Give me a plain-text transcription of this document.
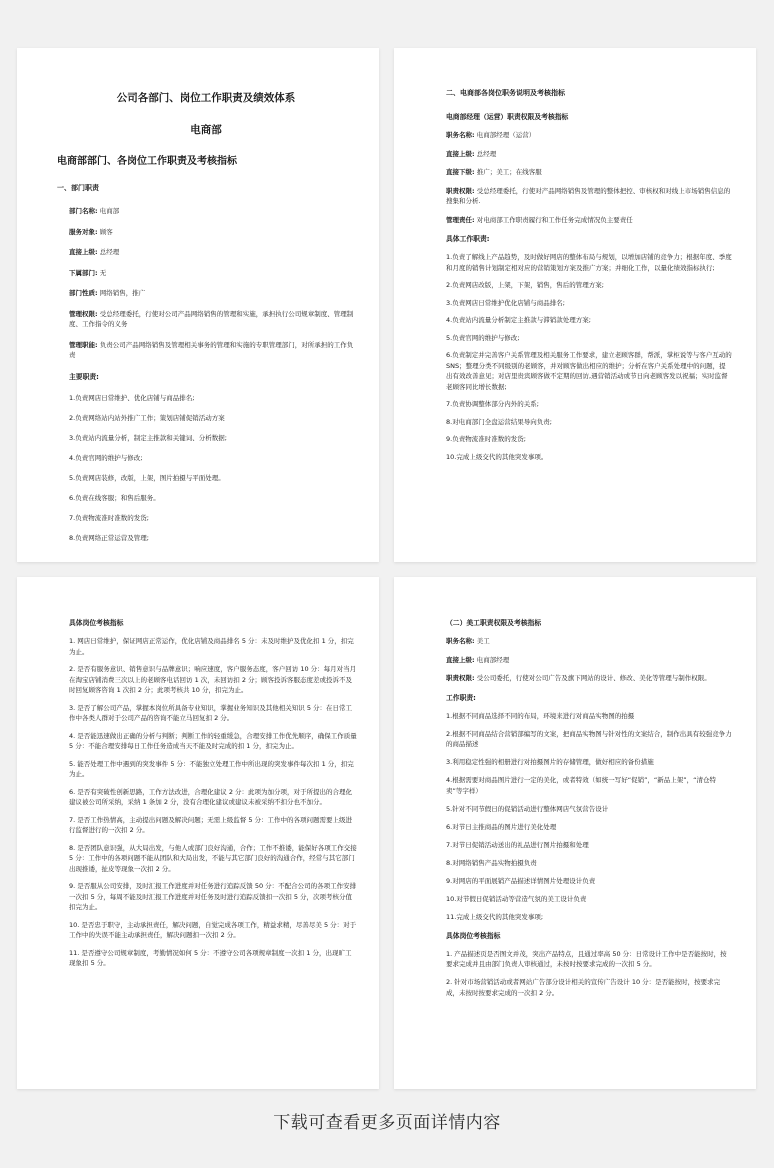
公司各部门、岗位工作职责及绩效体系
电商部
电商部部门、各岗位工作职责及考核指标
一、部门职责
部门名称: 电商部
服务对象: 顾客
直接上级: 总经理
下属部门: 无
部门性质: 网络销售，推广
管理权限: 受总经理委托，行使对公司产品网络销售的管理和实施，承担执行公司规章制度、管理制度、工作指令的义务
管理职能: 负责公司产品网络销售及管理相关事务的管理和实施的专职管理部门，对所承担的工作负责
主要职责:
1.负责网店日常维护、优化店铺与商品排名;
2.负责网络站内站外推广工作；策划店铺促销活动方案
3.负责站内流量分析，制定主推款和关键词、分析数据;
4.负责官网的维护与修改;
5.负责网店装修，改版，上架，图片拍摄与平面处理。
6.负责在线客服；和售后服务。
7.负责物流准时准数的发货;
8.负责网络正常运营及管理;
二、电商部各岗位职务说明及考核指标
电商部经理（运营）职责权限及考核指标
职务名称: 电商部经理（运营）
直接上级: 总经理
直接下级: 推广；美工；在线客服
职责权限: 受总经理委托，行使对产品网络销售及管理的整体把控、审核权和对线上市场销售信息的搜集和分析.
管理责任: 对电商部工作职责履行和工作任务完成情况负主要责任
具体工作职责:
1.负责了解线上产品趋势，及时做好网店的整体布局与规划，以增加店铺的竞争力；根据年度、季度和月度的销售计划制定相对应的营销策划方案及推广方案；并细化工作，以量化绩效指标执行;
2.负责网店改版，上架，下架，销售，售后的管理方案;
3.负责网店日常维护优化店铺与商品排名;
4.负责站内流量分析制定主推款与滞销款处理方案;
5.负责官网的维护与修改;
6.负责制定并完善客户关系管理及相关服务工作要求，建立老顾客群，帮派，掌柜说等与客户互动的 SNS；整理分类不同级别的老顾客，并对顾客做出相应的维护；分析在客户关系处理中的问题，提出有效改善意见；对店里贵宾顾客做不定期的回访,遇营销活动或节日向老顾客发以祝福；实时监督老顾客同比增长数据;
7.负责协调整体部分内外的关系;
8.对电商部门全盘运营结果导向负责;
9.负责物流准时准数的发货;
10.完成上级交代的其他突发事项。
具体岗位考核指标
1. 网店日常维护，保证网店正常运作，优化店铺及商品排名 5 分：未及时维护及优化扣 1 分，扣完为止。
2. 是否有服务意识、销售意识与品牌意识；响应速度，客户服务态度，客户回访 10 分：每月对当月在淘宝店铺消费三次以上的老顾客电话回访 1 次，未回访扣 2 分；顾客投诉客服态度差或投诉不及时回复顾客咨询 1 次扣 2 分；此项考核共 10 分，扣完为止。
3. 是否了解公司产品，掌握本岗位所具备专业知识，掌握业务知识及其他相关知识 5 分：在日常工作中各类人群对于公司产品的咨询不能立马回复扣 2 分。
4. 是否能迅速做出正确的分析与判断；判断工作的轻重缓急，合理安排工作优先顺序，确保工作质量 5 分：不能合理安排每日工作任务造成当天不能及时完成的扣 1 分，扣完为止。
5. 能否处理工作中遇到的突发事件 5 分：不能独立处理工作中所出现的突发事件每次扣 1 分，扣完为止。
6. 是否有突破性创新思路，工作方法改进，合理化建议 2 分：此项为加分项，对于所提出的合理化建议被公司所采纳，采纳 1 条加 2 分，没有合理化建议或建议未被采纳不扣分也不加分。
7. 是否工作热情高，主动提出问题及解决问题；无需上级监督 5 分：工作中的各项问题需要上级进行监督进行的一次扣 2 分。
8. 是否团队意识强，从大局出发，与他人或部门良好沟通，合作；工作不推诿，能保好各项工作交接 5 分：工作中的各项问题不能从团队和大局出发，不能与其它部门良好的沟通合作，经常与其它部门出现推诿，扯皮等现象一次扣 2 分。
9. 是否服从公司安排，及时汇报工作进度并对任务进行追踪反馈 50 分：不配合公司的各项工作安排一次扣 5 分，每周不能及时汇报工作进度并对任务及时进行追踪反馈扣一次扣 5 分，次项考核分值扣完为止。
10. 是否忠于职守，主动承担责任，解决问题，自觉完成各项工作，精益求精，尽善尽美 5 分：对于工作中的失误不能主动承担责任，解决问题扣一次扣 2 分。
11. 是否遵守公司规章制度，考勤情况如何 5 分：不遵守公司各项规章制度一次扣 1 分，出现旷工现象扣 5 分。
（二）美工职责权限及考核指标
职务名称: 美工
直接上级: 电商部经理
职责权限: 受公司委托，行使对公司广告及旗下网站的设计、修改、美化等管理与制作权限。
工作职责:
1.根据不同商品选择不同的布局，环境来进行对商品实物图的拍摄
2.根据不同商品结合营销部编写的文案，把商品实物图与针对性的文案结合，制作出具有较强竞争力的商品描述
3.利用稳定性强的相册进行对拍摄图片的存储管理，做好相应的备份措施
4.根据需要对商品图片进行一定的美化，或者特效（如统一写好“促销”，“新品上架”，“清仓特卖”等字样）
5.针对不同节假日的促销活动进行整体网店气氛营告设计
6.对节日主推商品的图片进行美化处理
7.对节日促销活动送出的礼品进行图片拍摄和处理
8.对网络销售产品实物拍摄负责
9.对网店的平面展销产品描述详情图片处理设计负责
10.对节假日促销活动等营造气氛的美工设计负责
11.完成上级交代的其他突发事项;
具体岗位考核指标
1. 产品描述页是否图文并茂，突出产品特点，且通过率高 50 分：日常设计工作中是否能按时，按要求完成并且由部门负责人审核通过，未按时按要求完成的一次扣 5 分。
2. 针对市场营销活动或者网站广告部分设计相关的宣传广告设计 10 分：是否能按时，按要求完成，未按时按要求完成的一次扣 2 分。
下载可查看更多页面详情内容
